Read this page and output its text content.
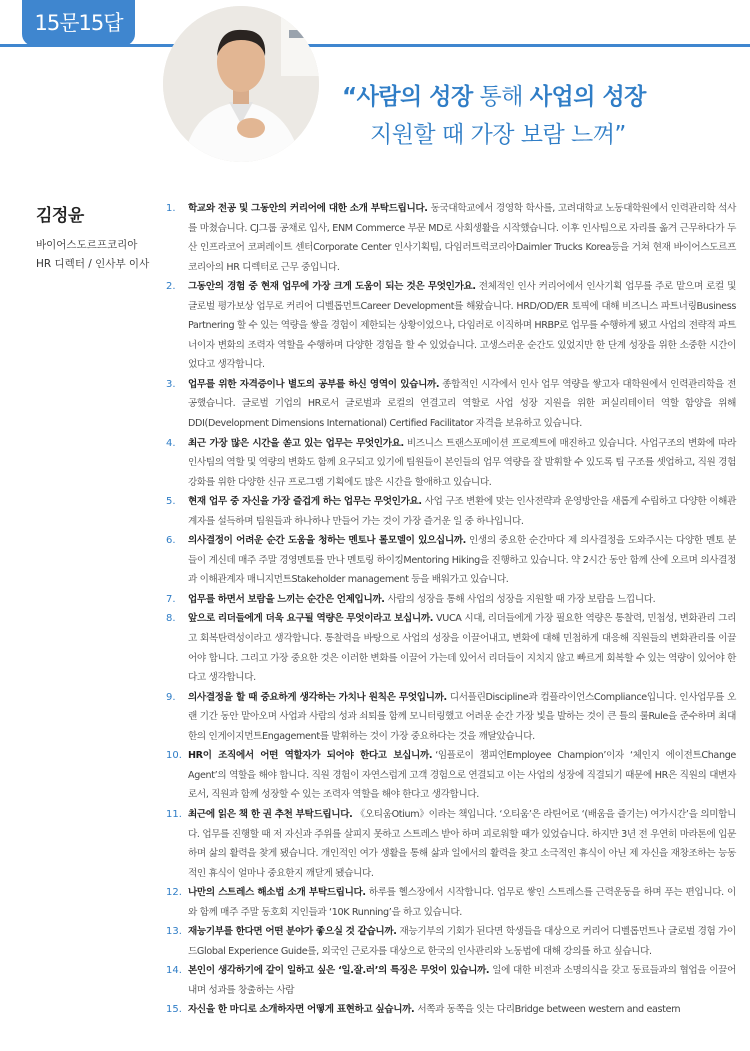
15문15답
“사람의 성장 통해 사업의 성장
지원할 때 가장 보람 느껴”
김정윤
바이어스도르프코리아
HR 디렉터 / 인사부 이사
1.	학교와 전공 및 그동안의 커리어에 대한 소개 부탁드립니다. 동국대학교에서 경영학 학사를, 고려대학교 노동대학원에서 인력관리학 석사를 마쳤습니다. CJ그룹 공채로 입사, ENM Commerce 부문 MD로 사회생활을 시작했습니다. 이후 인사팀으로 자리를 옮겨 근무하다가 두산 인프라코어 코퍼레이트 센터Corporate Center 인사기획팀, 다임러트럭코리아Daimler Trucks Korea등을 거쳐 현재 바이어스도르프코리아의 HR 디렉터로 근무 중입니다.
2.	그동안의 경험 중 현재 업무에 가장 크게 도움이 되는 것은 무엇인가요. 전체적인 인사 커리어에서 인사기획 업무를 주로 맡으며 로컬 및 글로벌 평가보상 업무로 커리어 디벨롭먼트Career Development를 해왔습니다. HRD/OD/ER 토픽에 대해 비즈니스 파트너링Business Partnering 할 수 있는 역량을 쌓을 경험이 제한되는 상황이었으나, 다임러로 이직하며 HRBP로 업무를 수행하게 됐고 사업의 전략적 파트너이자 변화의 조력자 역할을 수행하며 다양한 경험을 할 수 있었습니다. 고생스러운 순간도 있었지만 한 단계 성장을 위한 소중한 시간이었다고 생각합니다.
3.	업무를 위한 자격증이나 별도의 공부를 하신 영역이 있습니까. 종합적인 시각에서 인사 업무 역량을 쌓고자 대학원에서 인력관리학을 전공했습니다. 글로벌 기업의 HR로서 글로벌과 로컬의 연결고리 역할로 사업 성장 지원을 위한 퍼실리테이터 역할 함양을 위해 DDI(Development Dimensions International) Certified Facilitator 자격을 보유하고 있습니다.
4.	최근 가장 많은 시간을 쏟고 있는 업무는 무엇인가요. 비즈니스 트랜스포메이션 프로젝트에 매진하고 있습니다. 사업구조의 변화에 따라 인사팀의 역할 및 역량의 변화도 함께 요구되고 있기에 팀원들이 본인들의 업무 역량을 잘 발휘할 수 있도록 팀 구조를 셋업하고, 직원 경험 강화를 위한 다양한 신규 프로그램 기획에도 많은 시간을 할애하고 있습니다.
5.	현재 업무 중 자신을 가장 즐겁게 하는 업무는 무엇인가요. 사업 구조 변환에 맞는 인사전략과 운영방안을 새롭게 수립하고 다양한 이해관계자를 설득하며 팀원들과 하나하나 만들어 가는 것이 가장 즐거운 일 중 하나입니다.
6.	의사결정이 어려운 순간 도움을 청하는 멘토나 롤모델이 있으십니까. 인생의 중요한 순간마다 제 의사결정을 도와주시는 다양한 멘토 분들이 계신데 매주 주말 경영멘토를 만나 멘토링 하이킹Mentoring Hiking을 진행하고 있습니다. 약 2시간 동안 함께 산에 오르며 의사결정과 이해관계자 매니지먼트Stakeholder management 등을 배워가고 있습니다.
7.	업무를 하면서 보람을 느끼는 순간은 언제입니까. 사람의 성장을 통해 사업의 성장을 지원할 때 가장 보람을 느낍니다.
8.	앞으로 리더들에게 더욱 요구될 역량은 무엇이라고 보십니까. VUCA 시대, 리더들에게 가장 필요한 역량은 통찰력, 민첩성, 변화관리 그리고 회복탄력성이라고 생각합니다. 통찰력을 바탕으로 사업의 성장을 이끌어내고, 변화에 대해 민첩하게 대응해 직원들의 변화관리를 이끌어야 합니다. 그리고 가장 중요한 것은 이러한 변화를 이끌어 가는데 있어서 리더들이 지치지 않고 빠르게 회복할 수 있는 역량이 있어야 한다고 생각합니다.
9.	의사결정을 할 때 중요하게 생각하는 가치나 원칙은 무엇입니까. 디서플린Discipline과 컴플라이언스Compliance입니다. 인사업무를 오랜 기간 동안 맡아오며 사업과 사람의 성과 쇠퇴를 함께 모니터링했고 어려운 순간 가장 빛을 발하는 것이 큰 틀의 룰Rule을 준수하며 최대한의 인게이지먼트Engagement를 발휘하는 것이 가장 중요하다는 것을 깨달았습니다.
10. HR이 조직에서 어떤 역할자가 되어야 한다고 보십니까. ‘임플로이 챔피언Employee Champion’이자 ‘체인지 에이전트Change Agent’의 역할을 해야 합니다. 직원 경험이 자연스럽게 고객 경험으로 연결되고 이는 사업의 성장에 직결되기 때문에 HR은 직원의 대변자로서, 직원과 함께 성장할 수 있는 조력자 역할을 해야 한다고 생각합니다.
11. 최근에 읽은 책 한 권 추천 부탁드립니다. 《오티움Otium》이라는 책입니다. ‘오티움’은 라틴어로 ‘(배움을 즐기는) 여가시간’을 의미합니다. 업무를 진행할 때 저 자신과 주위를 살피지 못하고 스트레스 받아 하며 괴로워할 때가 있었습니다. 하지만 3년 전 우연히 마라톤에 입문하며 삶의 활력을 찾게 됐습니다. 개인적인 여가 생활을 통해 삶과 일에서의 활력을 찾고 소극적인 휴식이 아닌 제 자신을 재창조하는 능동적인 휴식이 얼마나 중요한지 깨닫게 됐습니다.
12. 나만의 스트레스 해소법 소개 부탁드립니다. 하루를 헬스장에서 시작합니다. 업무로 쌓인 스트레스를 근력운동을 하며 푸는 편입니다. 이와 함께 매주 주말 동호회 지인들과 ‘10K Running’을 하고 있습니다.
13. 재능기부를 한다면 어떤 분야가 좋으실 것 같습니까. 재능기부의 기회가 된다면 학생들을 대상으로 커리어 디벨롭먼트나 글로벌 경험 가이드Global Experience Guide를, 외국인 근로자를 대상으로 한국의 인사관리와 노동법에 대해 강의를 하고 싶습니다.
14. 본인이 생각하기에 같이 일하고 싶은 ‘일.잘.러’의 특징은 무엇이 있습니까. 일에 대한 비전과 소명의식을 갖고 동료들과의 협업을 이끌어내며 성과를 창출하는 사람
15. 자신을 한 마디로 소개하자면 어떻게 표현하고 싶습니까. 서쪽과 동쪽을 잇는 다리Bridge between western and eastern
